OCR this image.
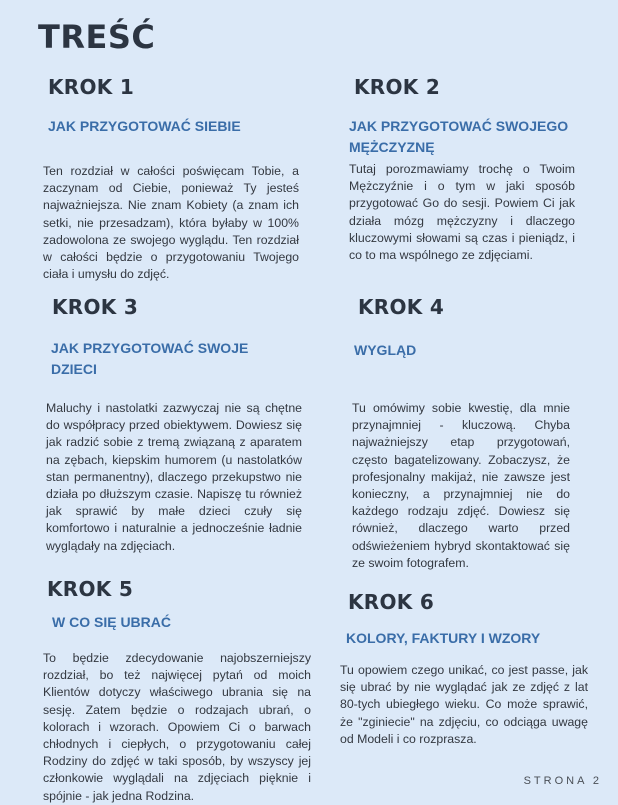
TREŚĆ
KROK 1
JAK PRZYGOTOWAĆ SIEBIE

Ten rozdział w całości poświęcam Tobie, a zaczynam od Ciebie, ponieważ Ty jesteś najważniejsza. Nie znam Kobiety (a znam ich setki, nie przesadzam), która byłaby w 100% zadowolona ze swojego wyglądu. Ten rozdział w całości będzie o przygotowaniu Twojego ciała i umysłu do zdjęć.

KROK 2
JAK PRZYGOTOWAĆ SWOJEGO MĘŻCZYZNĘ

Tutaj porozmawiamy trochę o Twoim Mężczyźnie i o tym w jaki sposób przygotować Go do sesji. Powiem Ci jak działa mózg mężczyzny i dlaczego kluczowymi słowami są czas i pieniądz, i co to ma wspólnego ze zdjęciami.

KROK 3
JAK PRZYGOTOWAĆ SWOJE DZIECI

Maluchy i nastolatki zazwyczaj nie są chętne do współpracy przed obiektywem. Dowiesz się jak radzić sobie z tremą związaną z aparatem na zębach, kiepskim humorem (u nastolatków stan permanentny), dlaczego przekupstwo nie działa po dłuższym czasie. Napiszę tu również jak sprawić by małe dzieci czuły się komfortowo i naturalnie a jednocześnie ładnie wyglądały na zdjęciach.

KROK 4
WYGLĄD

Tu omówimy sobie kwestię, dla mnie przynajmniej - kluczową. Chyba najważniejszy etap przygotowań, często bagatelizowany. Zobaczysz, że profesjonalny makijaż, nie zawsze jest konieczny, a przynajmniej nie do każdego rodzaju zdjęć. Dowiesz się również, dlaczego warto przed odświeżeniem hybryd skontaktować się ze swoim fotografem.

KROK 5
W CO SIĘ UBRAĆ

To będzie zdecydowanie najobszerniejszy rozdział, bo też najwięcej pytań od moich Klientów dotyczy właściwego ubrania się na sesję. Zatem będzie o rodzajach ubrań, o kolorach i wzorach. Opowiem Ci o barwach chłodnych i ciepłych, o przygotowaniu całej Rodziny do zdjęć w taki sposób, by wszyscy jej członkowie wyglądali na zdjęciach pięknie i spójnie - jak jedna Rodzina.

KROK 6
KOLORY, FAKTURY I WZORY

Tu opowiem czego unikać, co jest passe, jak się ubrać by nie wyglądać jak ze zdjęć z lat 80-tych ubiegłego wieku. Co może sprawić, że "zginiecie" na zdjęciu, co odciąga uwagę od Modeli i co rozprasza.

STRONA 2
